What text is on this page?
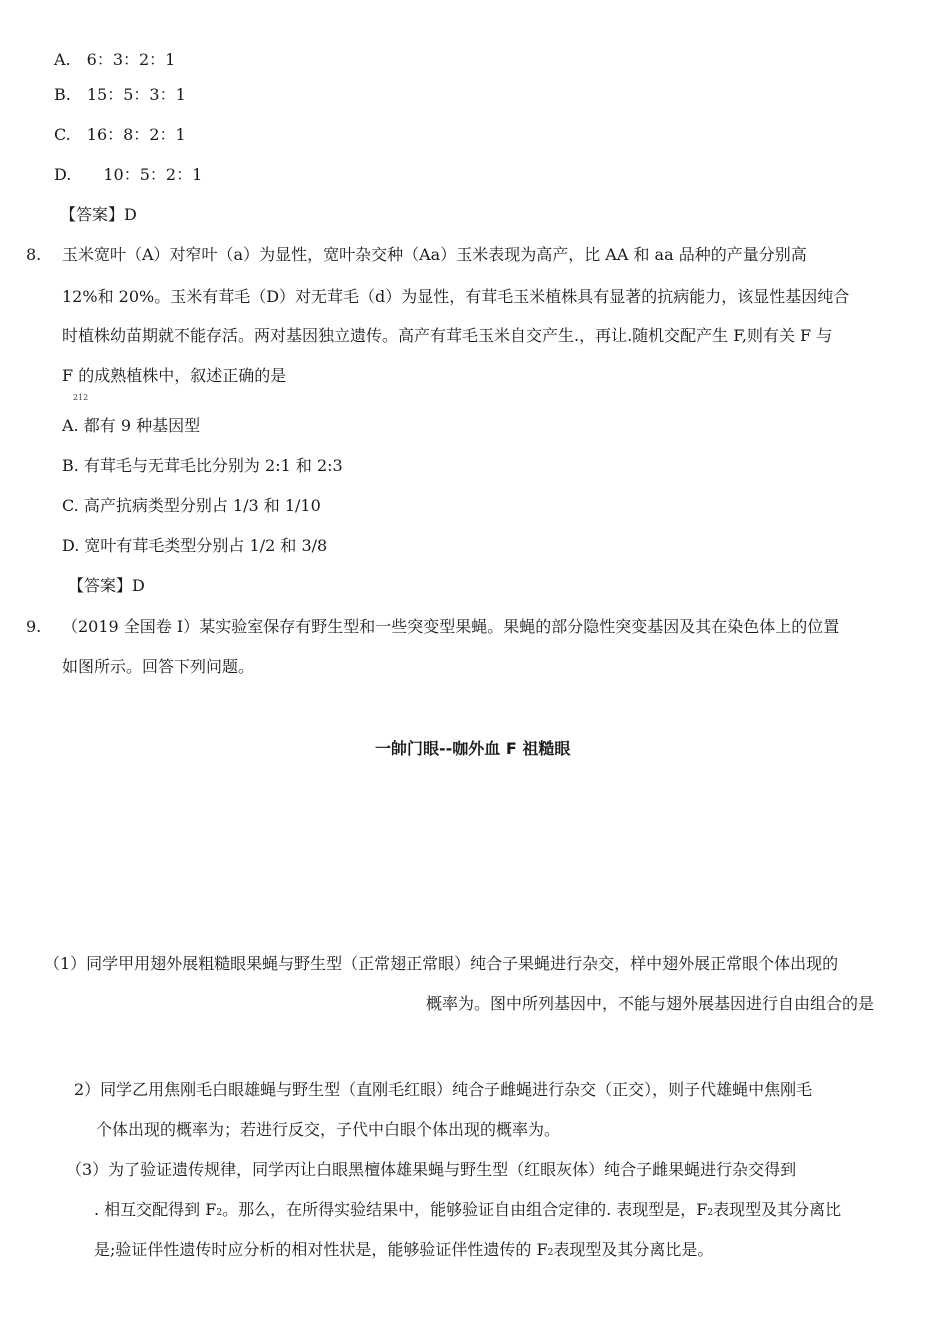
A.　6：3：2：1
B.　15：5：3：1
C.　16：8：2：1
D.　　10：5：2：1
【答案】D
8. 玉米宽叶（A）对窄叶（a）为显性，宽叶杂交种（Aa）玉米表现为高产，比 AA 和 aa 品种的产量分别高
12%和 20%。玉米有茸毛（D）对无茸毛（d）为显性，有茸毛玉米植株具有显著的抗病能力，该显性基因纯合
时植株幼苗期就不能存活。两对基因独立遗传。高产有茸毛玉米自交产生.，再让.随机交配产生 F,则有关 F 与
F 的成熟植株中，叙述正确的是
212
A. 都有 9 种基因型
B. 有茸毛与无茸毛比分别为 2:1 和 2:3
C. 高产抗病类型分别占 1/3 和 1/10
D. 宽叶有茸毛类型分别占 1/2 和 3/8
【答案】D
9. （2019 全国卷 I）某实验室保存有野生型和一些突变型果蝇。果蝇的部分隐性突变基因及其在染色体上的位置
如图所示。回答下列问题。
一帥门眼--咖外血 F 祖糙眼
（1）同学甲用翅外展粗糙眼果蝇与野生型（正常翅正常眼）纯合子果蝇进行杂交，样中翅外展正常眼个体出现的
概率为。图中所列基因中，不能与翅外展基因进行自由组合的是
2）同学乙用焦刚毛白眼雄蝇与野生型（直刚毛红眼）纯合子雌蝇进行杂交（正交），则子代雄蝇中焦刚毛
个体出现的概率为；若进行反交，子代中白眼个体出现的概率为。
（3）为了验证遗传规律，同学丙让白眼黑檀体雄果蝇与野生型（红眼灰体）纯合子雌果蝇进行杂交得到
. 相互交配得到 F2。那么，在所得实验结果中，能够验证自由组合定律的. 表现型是，F2表现型及其分离比
是;验证伴性遗传时应分析的相对性状是，能够验证伴性遗传的 F2表现型及其分离比是。
